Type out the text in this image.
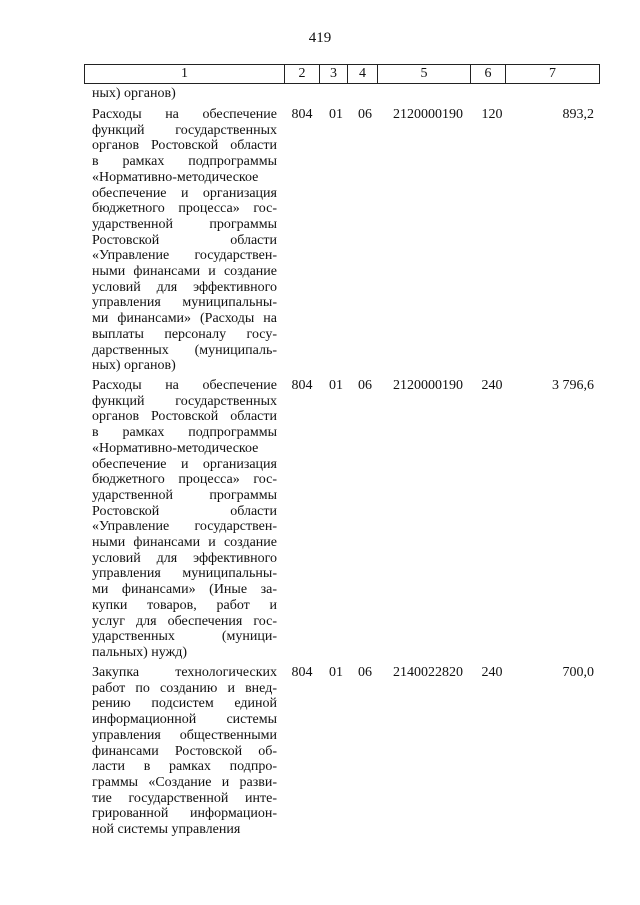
419
1	2	3	4	5	6	7
ных) органов)
Расходы на обеспечение
функций государственных
органов Ростовской области
в рамках подпрограммы
«Нормативно-методическое
обеспечение и организация
бюджетного процесса» гос-
ударственной программы
Ростовской области
«Управление государствен-
ными финансами и создание
условий для эффективного
управления муниципальны-
ми финансами» (Расходы на
выплаты персоналу госу-
дарственных (муниципаль-
ных) органов)
804	01	06	2120000190	120	893,2
Расходы на обеспечение
функций государственных
органов Ростовской области
в рамках подпрограммы
«Нормативно-методическое
обеспечение и организация
бюджетного процесса» гос-
ударственной программы
Ростовской области
«Управление государствен-
ными финансами и создание
условий для эффективного
управления муниципальны-
ми финансами» (Иные за-
купки товаров, работ и
услуг для обеспечения гос-
ударственных (муници-
пальных) нужд)
804	01	06	2120000190	240	3 796,6
Закупка технологических
работ по созданию и внед-
рению подсистем единой
информационной системы
управления общественными
финансами Ростовской об-
ласти в рамках подпро-
граммы «Создание и разви-
тие государственной инте-
грированной информацион-
ной системы управления
804	01	06	2140022820	240	700,0
